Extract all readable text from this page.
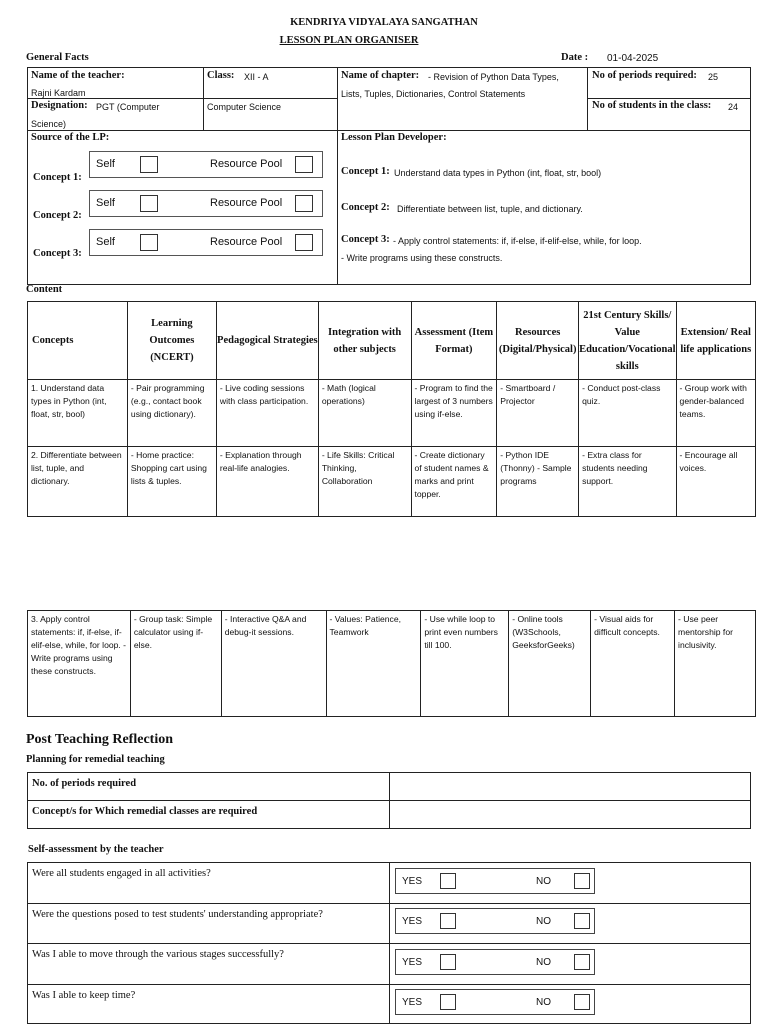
KENDRIYA VIDYALAYA SANGATHAN
LESSON PLAN ORGANISER
General Facts	Date : 01-04-2025
Name of the teacher:
Rajni Kardam
Class: XII - A	Name of chapter: - Revision of Python Data Types,
Lists, Tuples, Dictionaries, Control Statements
No of periods required: 25
Designation: PGT (Computer
Science)
Computer Science	No of students in the class: 24
Source of the LP:
Concept 1:
Concept 2:
Concept 3:
Self	Resource Pool
Self	Resource Pool
Self	Resource Pool
Lesson Plan Developer:
Concept 1: Understand data types in Python (int, float, str, bool)
Concept 2: Differentiate between list, tuple, and dictionary.
Concept 3: - Apply control statements: if, if-else, if-elif-else, while, for loop.
- Write programs using these constructs.
Content
Concepts	Learning Outcomes (NCERT)	Pedagogical Strategies	Integration with other subjects	Assessment (Item Format)	Resources (Digital/Physical)	21st Century Skills/ Value Education/Vocational skills	Extension/ Real life applications
1. Understand data types in Python (int, float, str, bool)	- Pair programming (e.g., contact book using dictionary).	- Live coding sessions with class participation.	- Math (logical operations)	- Program to find the largest of 3 numbers using if-else.	- Smartboard / Projector	- Conduct post-class quiz.	- Group work with gender-balanced teams.
2. Differentiate between list, tuple, and dictionary.	- Home practice: Shopping cart using lists & tuples.	- Explanation through real-life analogies.	- Life Skills: Critical Thinking, Collaboration	- Create dictionary of student names & marks and print topper.	- Python IDE (Thonny) - Sample programs	- Extra class for students needing support.	- Encourage all voices.
3. Apply control statements: if, if-else, if-elif-else, while, for loop. - Write programs using these constructs.	- Group task: Simple calculator using if-else.	- Interactive Q&A and debug-it sessions.	- Values: Patience, Teamwork	- Use while loop to print even numbers till 100.	- Online tools (W3Schools, GeeksforGeeks)	- Visual aids for difficult concepts.	- Use peer mentorship for inclusivity.
Post Teaching Reflection
Planning for remedial teaching
No. of periods required	
Concept/s for Which remedial classes are required	
Self-assessment by the teacher
Were all students engaged in all activities?	
Were the questions posed to test students' understanding appropriate?	
Was I able to move through the various stages successfully?	
Was I able to keep time?	
YES	NO
YES	NO
YES	NO
YES	NO
